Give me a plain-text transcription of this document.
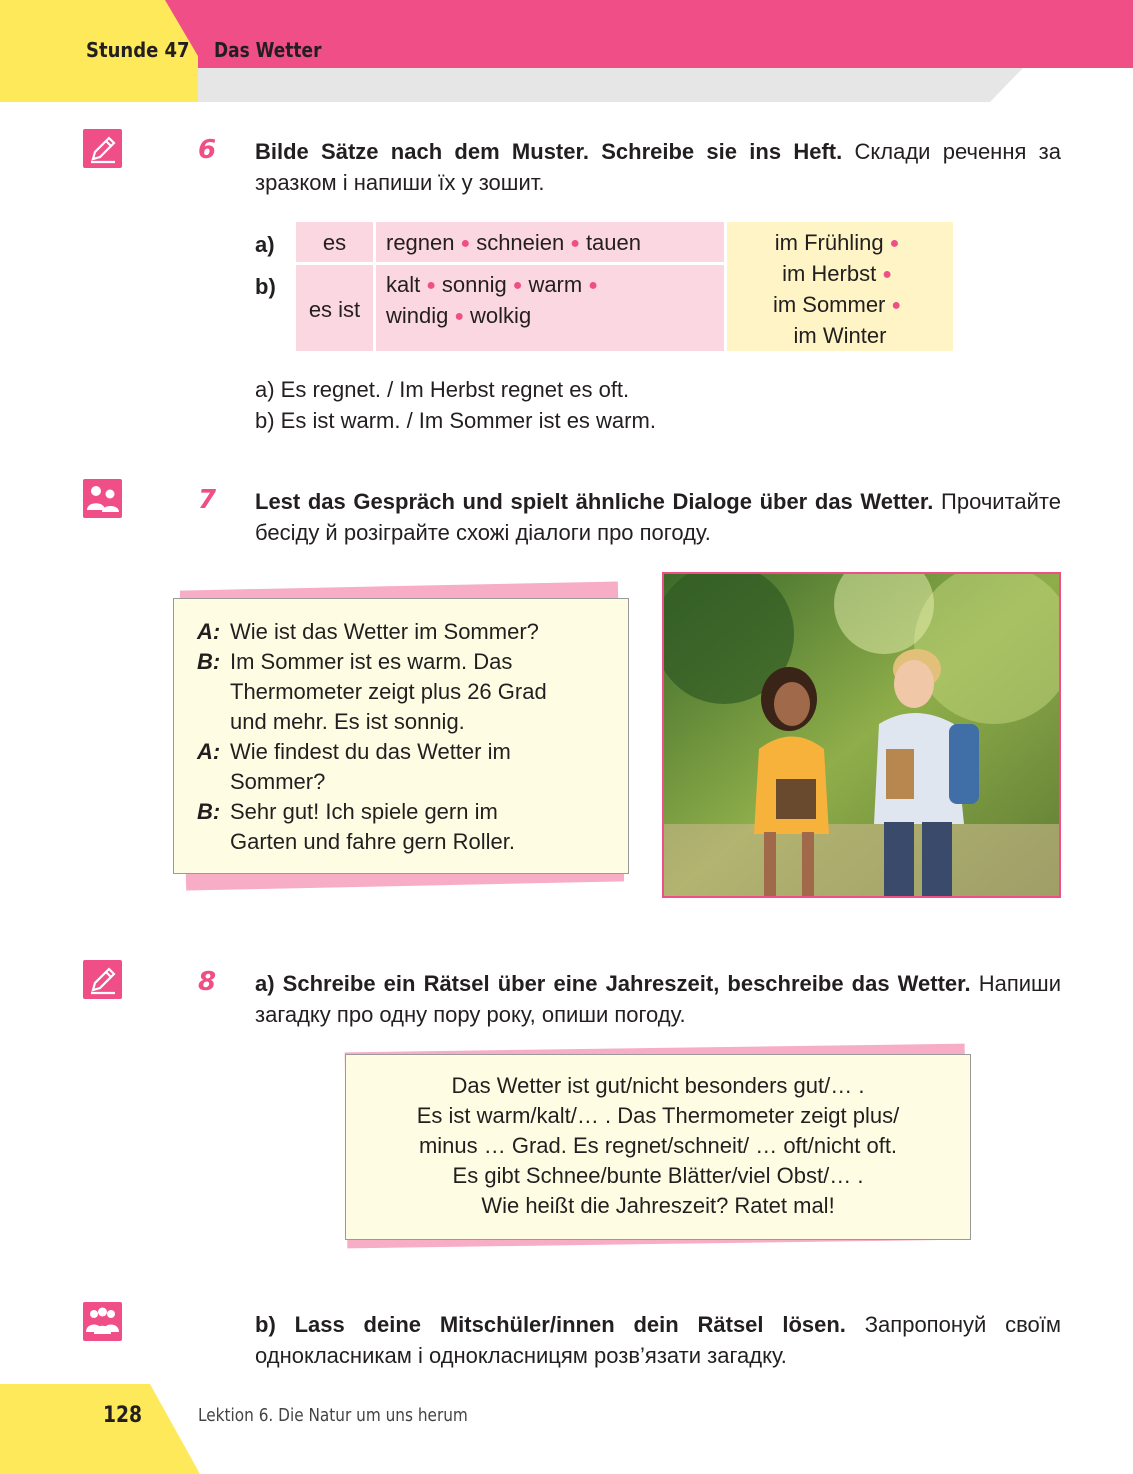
Stunde 47 Das Wetter
6 Bilde Sätze nach dem Muster. Schreibe sie ins Heft. Склади речення за зразком і напиши їх у зошит.
a)
b)
es	regnen ● schneien ● tauen
es ist
kalt ● sonnig ● warm ●
windig ● wolkig
im Frühling ●
im Herbst ●
im Sommer ●
im Winter
a) Es regnet. / Im Herbst regnet es oft.
b) Es ist warm. / Im Sommer ist es warm.
7 Lest das Gespräch und spielt ähnliche Dialoge über das Wetter. Прочитайте бесіду й розіграйте схожі діалоги про погоду.
A: Wie ist das Wetter im Sommer?
B: Im Sommer ist es warm. Das
Thermometer zeigt plus 26 Grad
und mehr. Es ist sonnig.
A: Wie findest du das Wetter im
Sommer?
B: Sehr gut! Ich spiele gern im
Garten und fahre gern Roller.
8 a) Schreibe ein Rätsel über eine Jahreszeit, beschreibe das Wetter. Напиши загадку про одну пору року, опиши погоду.
Das Wetter ist gut/nicht besonders gut/… .
Es ist warm/kalt/… . Das Thermometer zeigt plus/
minus … Grad. Es regnet/schneit/ … oft/nicht oft.
Es gibt Schnee/bunte Blätter/viel Obst/… .
Wie heißt die Jahreszeit? Ratet mal!
b) Lass deine Mitschüler/innen dein Rätsel lösen. Запропонуй своїм однокласникам і однокласницям розв’язати загадку.
128	Lektion 6. Die Natur um uns herum
